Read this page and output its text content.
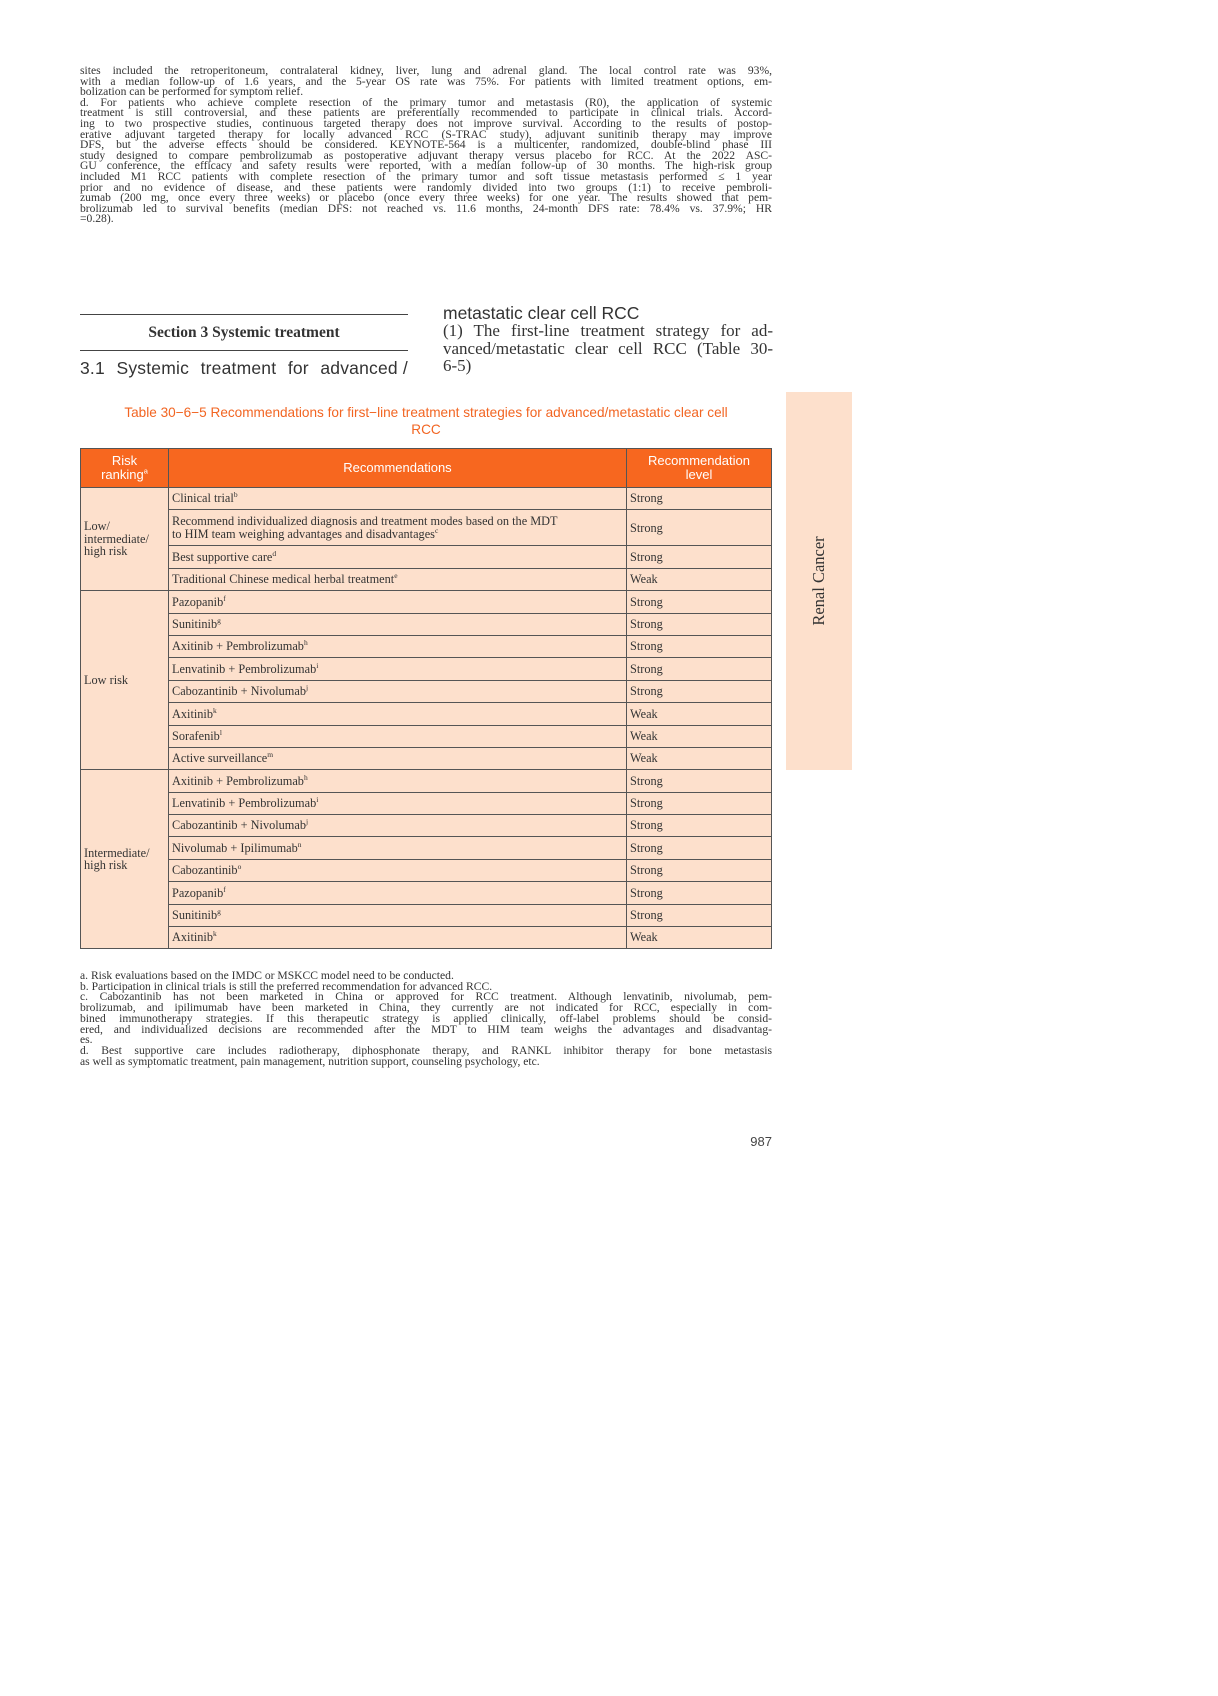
sites included the retroperitoneum, contralateral kidney, liver, lung and adrenal gland. The local control rate was 93%,
with a median follow-up of 1.6 years, and the 5-year OS rate was 75%. For patients with limited treatment options, em-
bolization can be performed for symptom relief.

d. For patients who achieve complete resection of the primary tumor and metastasis (R0), the application of systemic
treatment is still controversial, and these patients are preferentially recommended to participate in clinical trials. Accord-
ing to two prospective studies, continuous targeted therapy does not improve survival. According to the results of postop-
erative adjuvant targeted therapy for locally advanced RCC (S-TRAC study), adjuvant sunitinib therapy may improve
DFS, but the adverse effects should be considered. KEYNOTE-564 is a multicenter, randomized, double-blind phase III
study designed to compare pembrolizumab as postoperative adjuvant therapy versus placebo for RCC. At the 2022 ASC-
GU conference, the efficacy and safety results were reported, with a median follow-up of 30 months. The high-risk group
included M1 RCC patients with complete resection of the primary tumor and soft tissue metastasis performed ≤ 1 year
prior and no evidence of disease, and these patients were randomly divided into two groups (1:1) to receive pembroli-
zumab (200 mg, once every three weeks) or placebo (once every three weeks) for one year. The results showed that pem-
brolizumab led to survival benefits (median DFS: not reached vs. 11.6 months, 24-month DFS rate: 78.4% vs. 37.9%; HR
=0.28).

Section 3 Systemic treatment
3.1 Systemic treatment for advanced /
metastatic clear cell RCC
(1) The first-line treatment strategy for ad-
vanced/metastatic clear cell RCC (Table 30-
6-5)
Table 30−6−5 Recommendations for first−line treatment strategies for advanced/metastatic clear cell
RCC
Risk
ranking$^a$	Recommendations	Recommendation
level
Low/
intermediate/
high risk	Clinical trial$^b$	Strong
	Recommend individualized diagnosis and treatment modes based on the MDT
to HIM team weighing advantages and disadvantages$^c$	Strong
	Best supportive care$^d$	Strong
	Traditional Chinese medical herbal treatment$^e$	Weak
Low risk	Pazopanib$^f$	Strong
	Sunitinib$^g$	Strong
	Axitinib + Pembrolizumab$^h$	Strong
	Lenvatinib + Pembrolizumab$^i$	Strong
	Cabozantinib + Nivolumab$^j$	Strong
	Axitinib$^k$	Weak
	Sorafenib$^l$	Weak
	Active surveillance$^m$	Weak
Intermediate/
high risk	Axitinib + Pembrolizumab$^h$	Strong
	Lenvatinib + Pembrolizumab$^i$	Strong
	Cabozantinib + Nivolumab$^j$	Strong
	Nivolumab + Ipilimumab$^n$	Strong
	Cabozantinib$^o$	Strong
	Pazopanib$^f$	Strong
	Sunitinib$^g$	Strong
	Axitinib$^k$	Weak

a. Risk evaluations based on the IMDC or MSKCC model need to be conducted.

b. Participation in clinical trials is still the preferred recommendation for advanced RCC.

c. Cabozantinib has not been marketed in China or approved for RCC treatment. Although lenvatinib, nivolumab, pem-
brolizumab, and ipilimumab have been marketed in China, they currently are not indicated for RCC, especially in com-
bined immunotherapy strategies. If this therapeutic strategy is applied clinically, off-label problems should be consid-
ered, and individualized decisions are recommended after the MDT to HIM team weighs the advantages and disadvantag-
es.

d. Best supportive care includes radiotherapy, diphosphonate therapy, and RANKL inhibitor therapy for bone metastasis
as well as symptomatic treatment, pain management, nutrition support, counseling psychology, etc.

987
Renal Cancer
